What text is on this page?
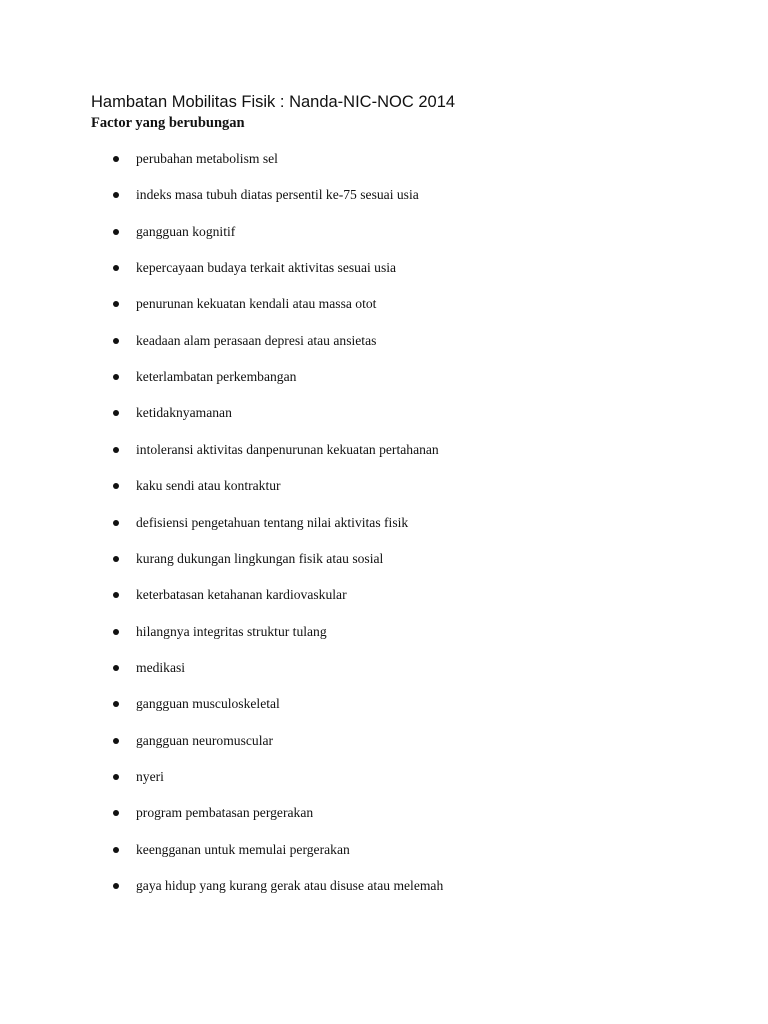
Hambatan Mobilitas Fisik : Nanda-NIC-NOC 2014
Factor yang berubungan
perubahan metabolism sel
indeks masa tubuh diatas persentil ke-75 sesuai usia
gangguan kognitif
kepercayaan budaya terkait aktivitas sesuai usia
penurunan kekuatan kendali atau massa otot
keadaan alam perasaan depresi atau ansietas
keterlambatan perkembangan
ketidaknyamanan
intoleransi aktivitas danpenurunan kekuatan pertahanan
kaku sendi atau kontraktur
defisiensi pengetahuan tentang nilai aktivitas fisik
kurang dukungan lingkungan fisik atau sosial
keterbatasan ketahanan kardiovaskular
hilangnya integritas struktur tulang
medikasi
gangguan musculoskeletal
gangguan neuromuscular
nyeri
program pembatasan pergerakan
keengganan untuk memulai pergerakan
gaya hidup yang kurang gerak atau disuse atau melemah
